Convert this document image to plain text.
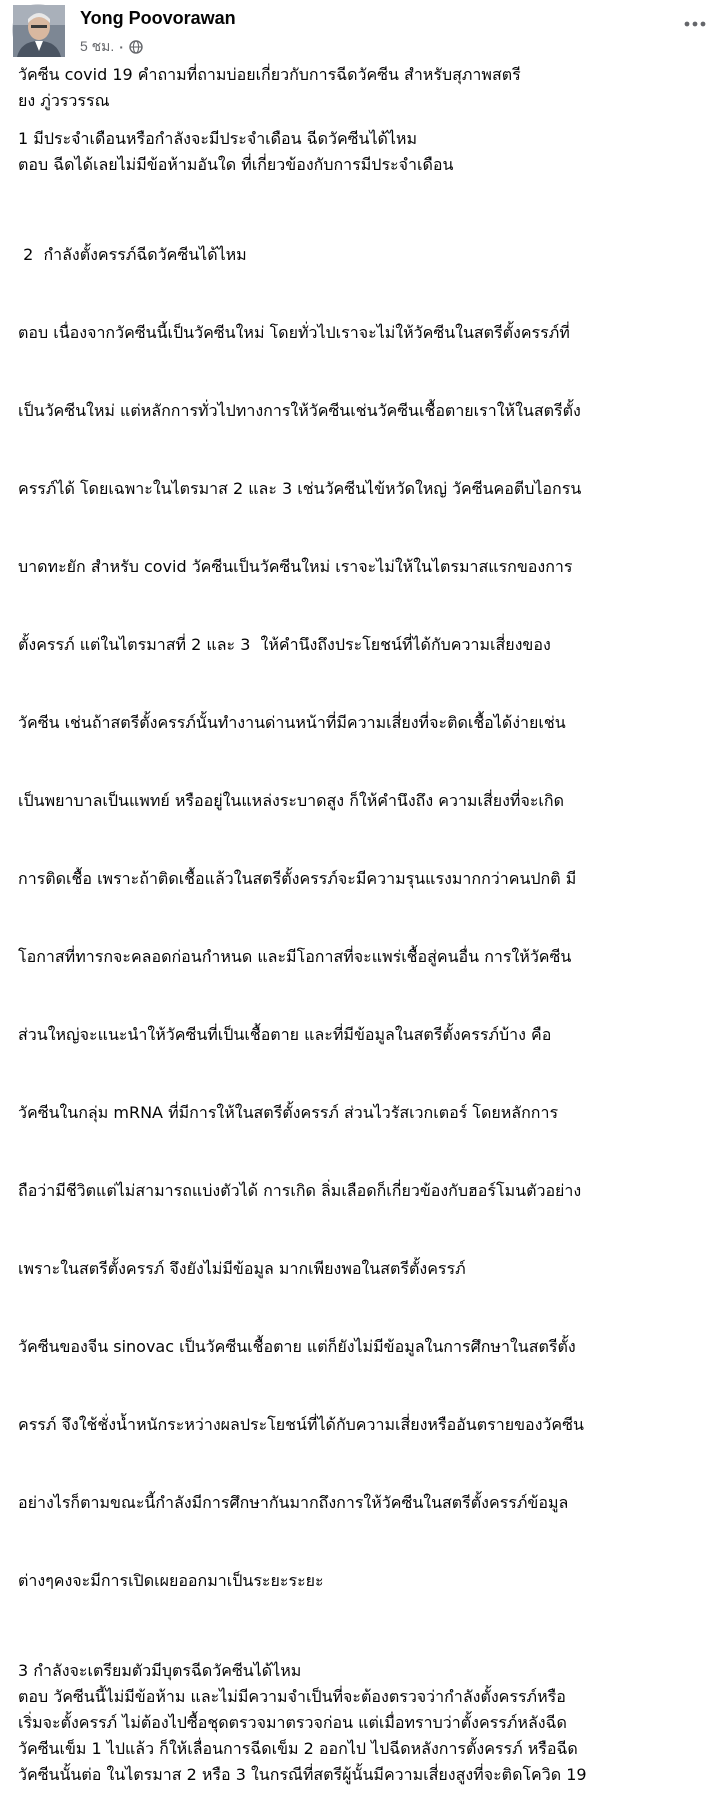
Yong Poovorawan
5 ชม. ·
วัคซีน covid 19 คำถามที่ถามบ่อยเกี่ยวกับการฉีดวัคซีน สำหรับสุภาพสตรี
ยง ภู่วรวรรณ
1 มีประจำเดือนหรือกำลังจะมีประจำเดือน ฉีดวัคซีนได้ไหม
ตอบ ฉีดได้เลยไม่มีข้อห้ามอันใด ที่เกี่ยวข้องกับการมีประจำเดือน

2  กำลังตั้งครรภ์ฉีดวัคซีนได้ไหม

ตอบ เนื่องจากวัคซีนนี้เป็นวัคซีนใหม่ โดยทั่วไปเราจะไม่ให้วัคซีนในสตรีตั้งครรภ์ที่

เป็นวัคซีนใหม่ แต่หลักการทั่วไปทางการให้วัคซีนเช่นวัคซีนเชื้อตายเราให้ในสตรีตั้ง

ครรภ์ได้ โดยเฉพาะในไตรมาส 2 และ 3 เช่นวัคซีนไข้หวัดใหญ่ วัคซีนคอตีบไอกรน

บาดทะยัก สำหรับ covid วัคซีนเป็นวัคซีนใหม่ เราจะไม่ให้ในไตรมาสแรกของการ

ตั้งครรภ์ แต่ในไตรมาสที่ 2 และ 3  ให้คำนึงถึงประโยชน์ที่ได้กับความเสี่ยงของ

วัคซีน เช่นถ้าสตรีตั้งครรภ์นั้นทำงานด่านหน้าที่มีความเสี่ยงที่จะติดเชื้อได้ง่ายเช่น

เป็นพยาบาลเป็นแพทย์ หรืออยู่ในแหล่งระบาดสูง ก็ให้คำนึงถึง ความเสี่ยงที่จะเกิด

การติดเชื้อ เพราะถ้าติดเชื้อแล้วในสตรีตั้งครรภ์จะมีความรุนแรงมากกว่าคนปกติ มี

โอกาสที่ทารกจะคลอดก่อนกำหนด และมีโอกาสที่จะแพร่เชื้อสู่คนอื่น การให้วัคซีน

ส่วนใหญ่จะแนะนำให้วัคซีนที่เป็นเชื้อตาย และที่มีข้อมูลในสตรีตั้งครรภ์บ้าง คือ

วัคซีนในกลุ่ม mRNA ที่มีการให้ในสตรีตั้งครรภ์ ส่วนไวรัสเวกเตอร์ โดยหลักการ

ถือว่ามีชีวิตแต่ไม่สามารถแบ่งตัวได้ การเกิด ลิ่มเลือดก็เกี่ยวข้องกับฮอร์โมนตัวอย่าง

เพราะในสตรีตั้งครรภ์ จึงยังไม่มีข้อมูล มากเพียงพอในสตรีตั้งครรภ์

วัคซีนของจีน sinovac เป็นวัคซีนเชื้อตาย แต่ก็ยังไม่มีข้อมูลในการศึกษาในสตรีตั้ง

ครรภ์ จึงใช้ชั่งน้ำหนักระหว่างผลประโยชน์ที่ได้กับความเสี่ยงหรืออันตรายของวัคซีน

อย่างไรก็ตามขณะนี้กำลังมีการศึกษากันมากถึงการให้วัคซีนในสตรีตั้งครรภ์ข้อมูล

ต่างๆคงจะมีการเปิดเผยออกมาเป็นระยะระยะ

3 กำลังจะเตรียมตัวมีบุตรฉีดวัคซีนได้ไหม
ตอบ วัคซีนนี้ไม่มีข้อห้าม และไม่มีความจำเป็นที่จะต้องตรวจว่ากำลังตั้งครรภ์หรือ
เริ่มจะตั้งครรภ์ ไม่ต้องไปซื้อชุดตรวจมาตรวจก่อน แต่เมื่อทราบว่าตั้งครรภ์หลังฉีด
วัคซีนเข็ม 1 ไปแล้ว ก็ให้เลื่อนการฉีดเข็ม 2 ออกไป ไปฉีดหลังการตั้งครรภ์ หรือฉีด
วัคซีนนั้นต่อ ในไตรมาส 2 หรือ 3 ในกรณีที่สตรีผู้นั้นมีความเสี่ยงสูงที่จะติดโควิด 19
